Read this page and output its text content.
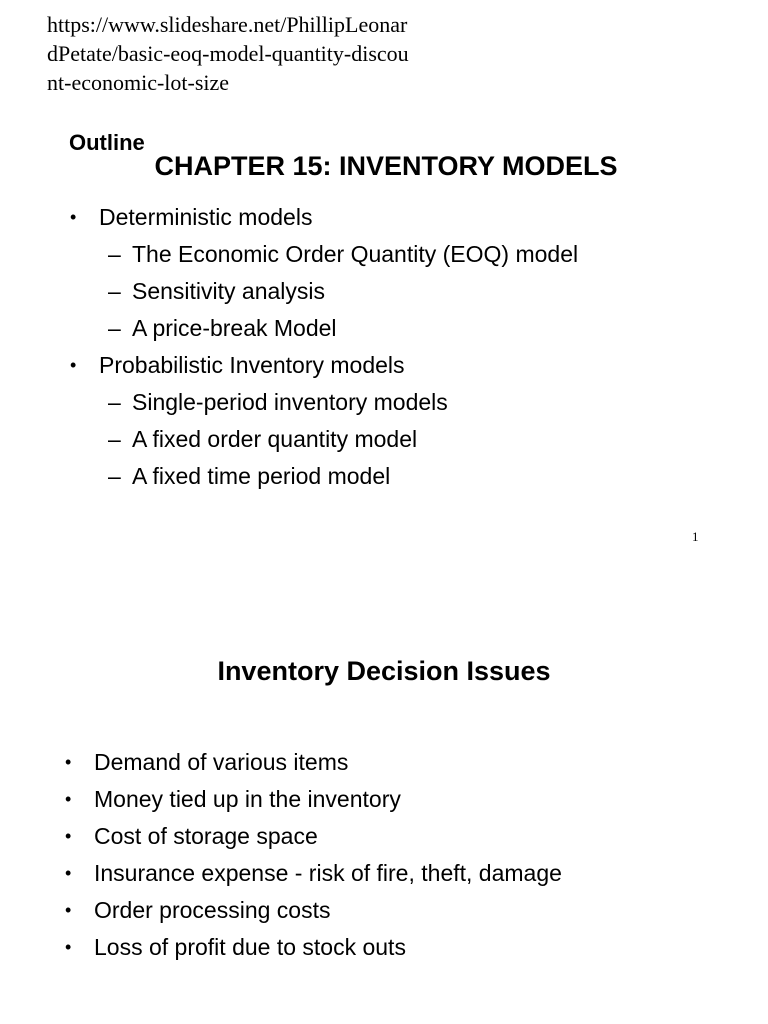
https://www.slideshare.net/PhillipLeonardPetate/basic-eoq-model-quantity-discount-economic-lot-size

Outline

CHAPTER 15: INVENTORY MODELS
• Deterministic models
– The Economic Order Quantity (EOQ) model
– Sensitivity analysis
– A price-break Model
• Probabilistic Inventory models
– Single-period inventory models
– A fixed order quantity model
– A fixed time period model

1

Inventory Decision Issues
• Demand of various items
• Money tied up in the inventory
• Cost of storage space
• Insurance expense - risk of fire, theft, damage
• Order processing costs
• Loss of profit due to stock outs
